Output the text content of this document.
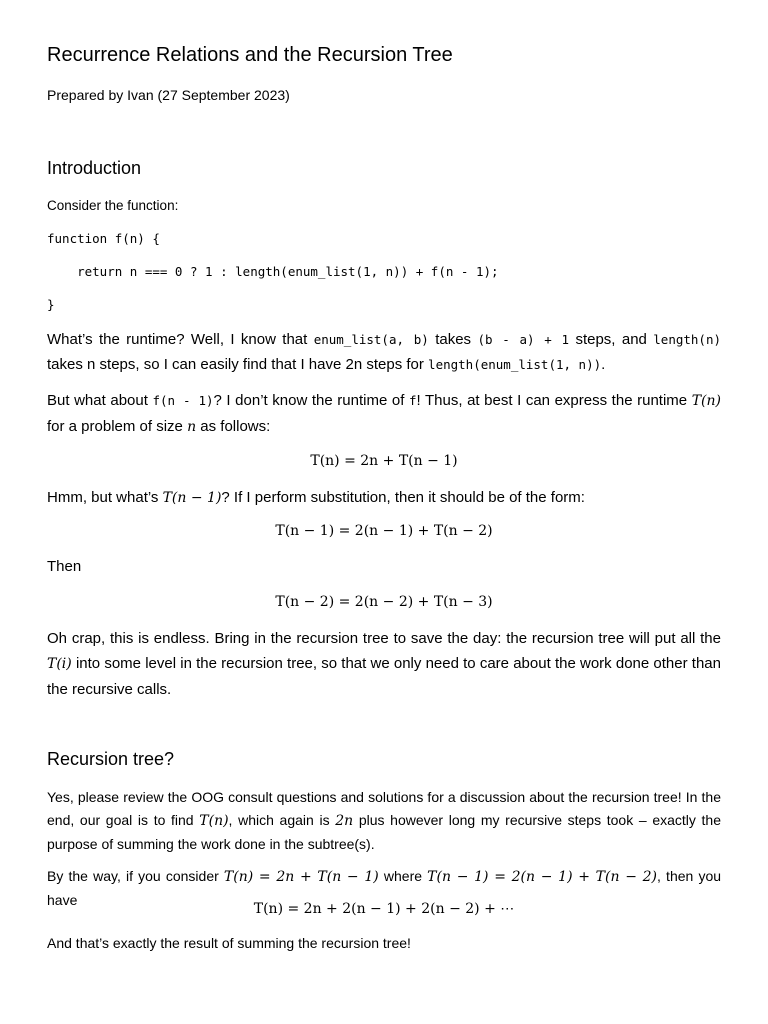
Recurrence Relations and the Recursion Tree
Prepared by Ivan (27 September 2023)
Introduction
Consider the function:
function f(n) {
return n === 0 ? 1 : length(enum_list(1, n)) + f(n - 1);
}
What’s the runtime? Well, I know that enum_list(a, b) takes (b - a) + 1 steps, and length(n) takes n steps, so I can easily find that I have 2n steps for length(enum_list(1, n)).
But what about f(n - 1)? I don’t know the runtime of f! Thus, at best I can express the runtime T(n) for a problem of size n as follows:
T(n) = 2n + T(n − 1)
Hmm, but what’s T(n − 1)? If I perform substitution, then it should be of the form:
T(n − 1) = 2(n − 1) + T(n − 2)
Then
T(n − 2) = 2(n − 2) + T(n − 3)
Oh crap, this is endless. Bring in the recursion tree to save the day: the recursion tree will put all the T(i) into some level in the recursion tree, so that we only need to care about the work done other than the recursive calls.
Recursion tree?
Yes, please review the OOG consult questions and solutions for a discussion about the recursion tree! In the end, our goal is to find T(n), which again is 2n plus however long my recursive steps took – exactly the purpose of summing the work done in the subtree(s).
By the way, if you consider T(n) = 2n + T(n − 1) where T(n − 1) = 2(n − 1) + T(n − 2), then you have
T(n) = 2n + 2(n − 1) + 2(n − 2) + ⋯
And that’s exactly the result of summing the recursion tree!
